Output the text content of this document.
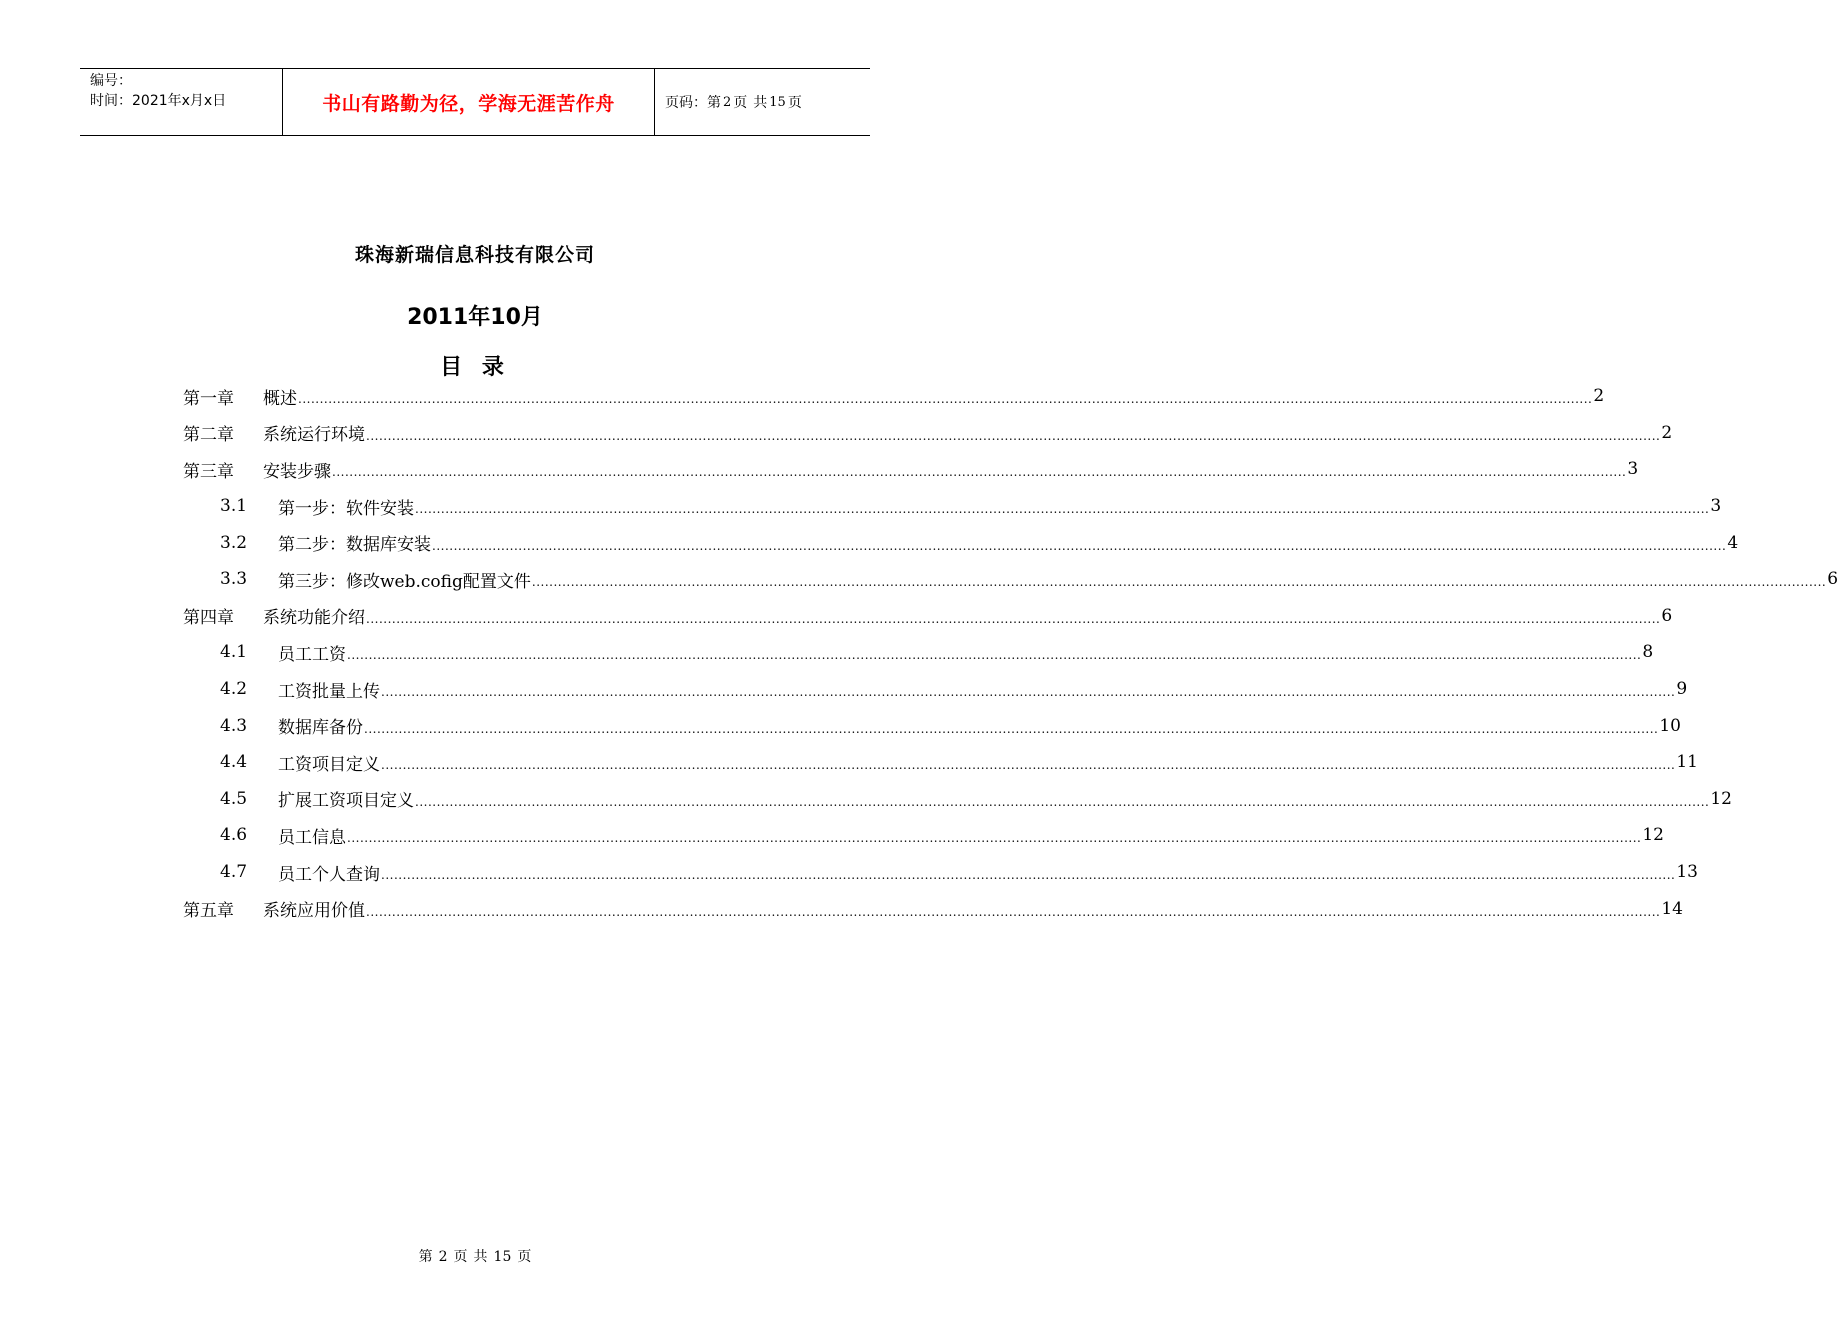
编号：
时间：2021年x月x日	书山有路勤为径，学海无涯苦作舟	页码：第 2 页 共 15 页
珠海新瑞信息科技有限公司
2011年10月
目 录
第一章	概述 ............................................................................................................................................................................................................................................................................................................ 2
第二章	系统运行环境 ............................................................................................................................................................................................................................................................................................................ 2
第三章	安装步骤 ............................................................................................................................................................................................................................................................................................................ 3
3.1	第一步：软件安装 ............................................................................................................................................................................................................................................................................................................ 3
3.2	第二步：数据库安装 ............................................................................................................................................................................................................................................................................................................ 4
3.3	第三步：修改web.cofig配置文件 ............................................................................................................................................................................................................................................................................................................ 6
第四章	系统功能介绍 ............................................................................................................................................................................................................................................................................................................ 6
4.1	员工工资 ............................................................................................................................................................................................................................................................................................................ 8
4.2	工资批量上传 ............................................................................................................................................................................................................................................................................................................ 9
4.3	数据库备份 ............................................................................................................................................................................................................................................................................................................ 10
4.4	工资项目定义 ............................................................................................................................................................................................................................................................................................................ 11
4.5	扩展工资项目定义 ............................................................................................................................................................................................................................................................................................................ 12
4.6	员工信息 ............................................................................................................................................................................................................................................................................................................ 12
4.7	员工个人查询 ............................................................................................................................................................................................................................................................................................................ 13
第五章	系统应用价值 ............................................................................................................................................................................................................................................................................................................ 14
第 2 页 共 15 页
